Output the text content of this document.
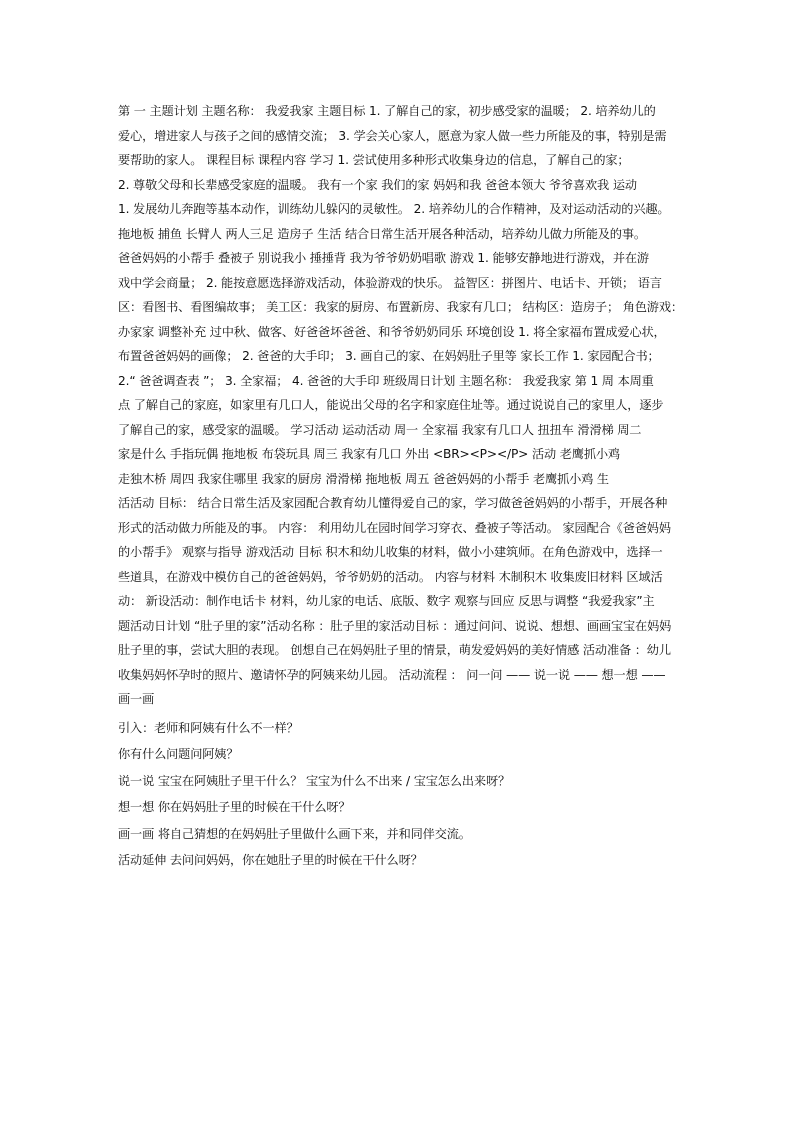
第 一 主题计划 主题名称： 我爱我家 主题目标 1. 了解自己的家，初步感受家的温暖； 2. 培养幼儿的
爱心，增进家人与孩子之间的感情交流； 3. 学会关心家人，愿意为家人做一些力所能及的事，特别是需
要帮助的家人。 课程目标 课程内容 学习 1. 尝试使用多种形式收集身边的信息，了解自己的家；
2. 尊敬父母和长辈感受家庭的温暖。 我有一个家 我们的家 妈妈和我 爸爸本领大 爷爷喜欢我 运动
1. 发展幼儿奔跑等基本动作，训练幼儿躲闪的灵敏性。 2. 培养幼儿的合作精神，及对运动活动的兴趣。
拖地板 捕鱼 长臂人 两人三足 造房子 生活 结合日常生活开展各种活动，培养幼儿做力所能及的事。
爸爸妈妈的小帮手 叠被子 别说我小 捶捶背 我为爷爷奶奶唱歌 游戏 1. 能够安静地进行游戏，并在游
戏中学会商量； 2. 能按意愿选择游戏活动，体验游戏的快乐。 益智区：拼图片、电话卡、开锁； 语言
区：看图书、看图编故事； 美工区：我家的厨房、布置新房、我家有几口； 结构区：造房子； 角色游戏：
办家家 调整补充 过中秋、做客、好爸爸坏爸爸、和爷爷奶奶同乐 环境创设 1. 将全家福布置成爱心状，
布置爸爸妈妈的画像； 2. 爸爸的大手印； 3. 画自己的家、在妈妈肚子里等 家长工作 1. 家园配合书；
2.“ 爸爸调查表 ”； 3. 全家福； 4. 爸爸的大手印 班级周日计划 主题名称： 我爱我家 第 1 周 本周重
点 了解自己的家庭，如家里有几口人，能说出父母的名字和家庭住址等。通过说说自己的家里人，逐步
了解自己的家，感受家的温暖。 学习活动 运动活动 周一 全家福 我家有几口人 扭扭车 滑滑梯 周二
家是什么 手指玩偶 拖地板 布袋玩具 周三 我家有几口 外出 <BR><P></P> 活动 老鹰抓小鸡
走独木桥 周四 我家住哪里 我家的厨房 滑滑梯 拖地板 周五 爸爸妈妈的小帮手 老鹰抓小鸡 生
活活动 目标： 结合日常生活及家园配合教育幼儿懂得爱自己的家，学习做爸爸妈妈的小帮手，开展各种
形式的活动做力所能及的事。 内容： 利用幼儿在园时间学习穿衣、叠被子等活动。 家园配合《爸爸妈妈
的小帮手》 观察与指导 游戏活动 目标 积木和幼儿收集的材料，做小小建筑师。在角色游戏中，选择一
些道具，在游戏中模仿自己的爸爸妈妈，爷爷奶奶的活动。 内容与材料 木制积木 收集废旧材料 区域活
动： 新设活动：制作电话卡 材料，幼儿家的电话、底版、数字 观察与回应 反思与调整 “我爱我家”主
题活动日计划 “肚子里的家”活动名称 ：肚子里的家活动目标 ：通过问问、说说、想想、画画宝宝在妈妈
肚子里的事，尝试大胆的表现。 创想自己在妈妈肚子里的情景，萌发爱妈妈的美好情感 活动准备 ：幼儿
收集妈妈怀孕时的照片、邀请怀孕的阿姨来幼儿园。 活动流程 ： 问一问 —— 说一说 —— 想一想 ——
画一画
引入：老师和阿姨有什么不一样？
你有什么问题问阿姨？
说一说 宝宝在阿姨肚子里干什么？ 宝宝为什么不出来 / 宝宝怎么出来呀？
想一想 你在妈妈肚子里的时候在干什么呀？
画一画 将自己猜想的在妈妈肚子里做什么画下来，并和同伴交流。
活动延伸 去问问妈妈，你在她肚子里的时候在干什么呀？
